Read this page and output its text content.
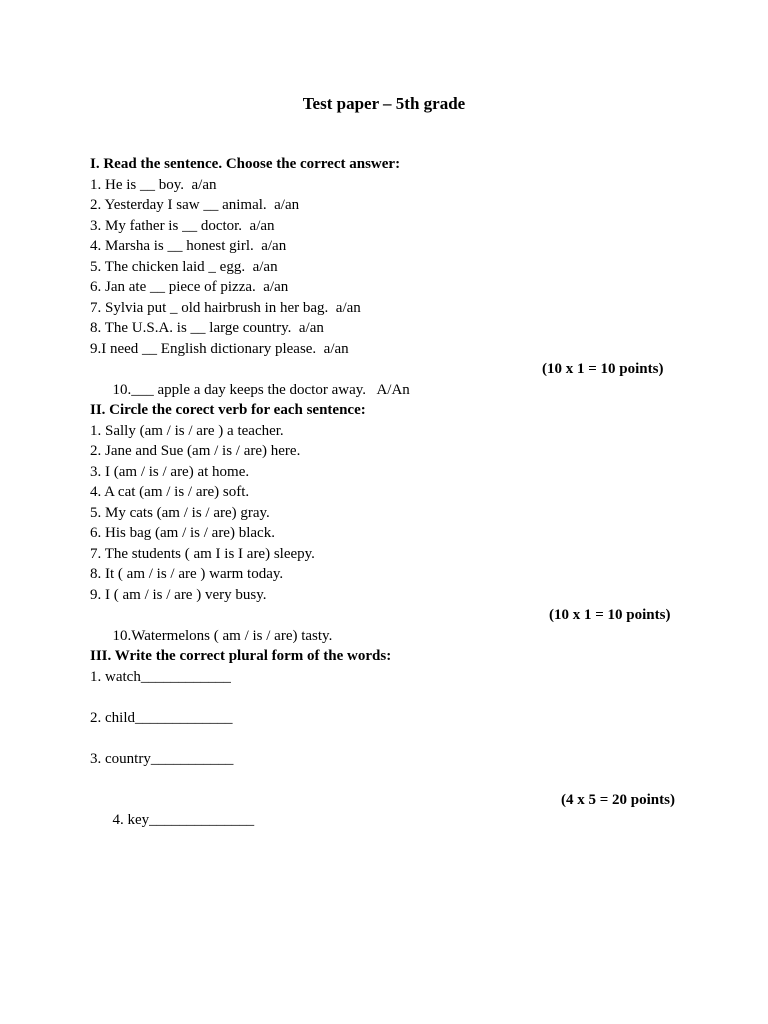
Test paper – 5th grade
I. Read the sentence. Choose the correct answer:
1. He is __ boy.  a/an
2. Yesterday I saw __ animal.  a/an
3. My father is __ doctor.  a/an
4. Marsha is __ honest girl.  a/an
5. The chicken laid _ egg.  a/an
6. Jan ate __ piece of pizza.  a/an
7. Sylvia put _ old hairbrush in her bag.  a/an
8. The U.S.A. is __ large country.  a/an
9.I need __ English dictionary please.  a/an

10.___ apple a day keeps the doctor away.   A/An

(10 x 1 = 10 points)

II. Circle the corect verb for each sentence:
1. Sally (am / is / are ) a teacher.
2. Jane and Sue (am / is / are) here.
3. I (am / is / are) at home.
4. A cat (am / is / are) soft.
5. My cats (am / is / are) gray.
6. His bag (am / is / are) black.
7. The students ( am I is I are) sleepy.
8. It ( am / is / are ) warm today.
9. I ( am / is / are ) very busy.

10.Watermelons ( am / is / are) tasty.

(10 x 1 = 10 points)

III. Write the correct plural form of the words:
1. watch____________
2. child_____________
3. country___________

4. key______________

(4 x 5 = 20 points)
